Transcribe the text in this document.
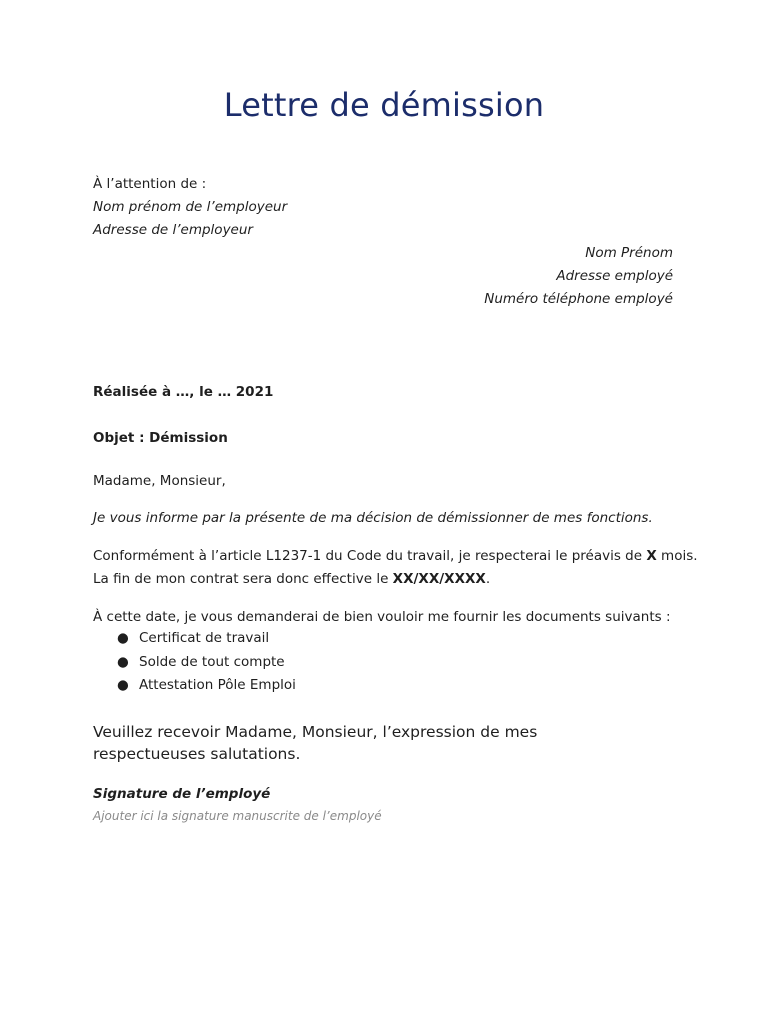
Lettre de démission
À l’attention de :
Nom prénom de l’employeur
Adresse de l’employeur
Nom Prénom
Adresse employé
Numéro téléphone employé
Réalisée à …, le … 2021
Objet : Démission
Madame, Monsieur,
Je vous informe par la présente de ma décision de démissionner de mes fonctions.
Conformément à l’article L1237-1 du Code du travail, je respecterai le préavis de X mois.
La fin de mon contrat sera donc effective le XX/XX/XXXX.
À cette date, je vous demanderai de bien vouloir me fournir les documents suivants :
● Certificat de travail
● Solde de tout compte
● Attestation Pôle Emploi
Veuillez recevoir Madame, Monsieur, l’expression de mes respectueuses salutations.
Signature de l’employé
Ajouter ici la signature manuscrite de l’employé
